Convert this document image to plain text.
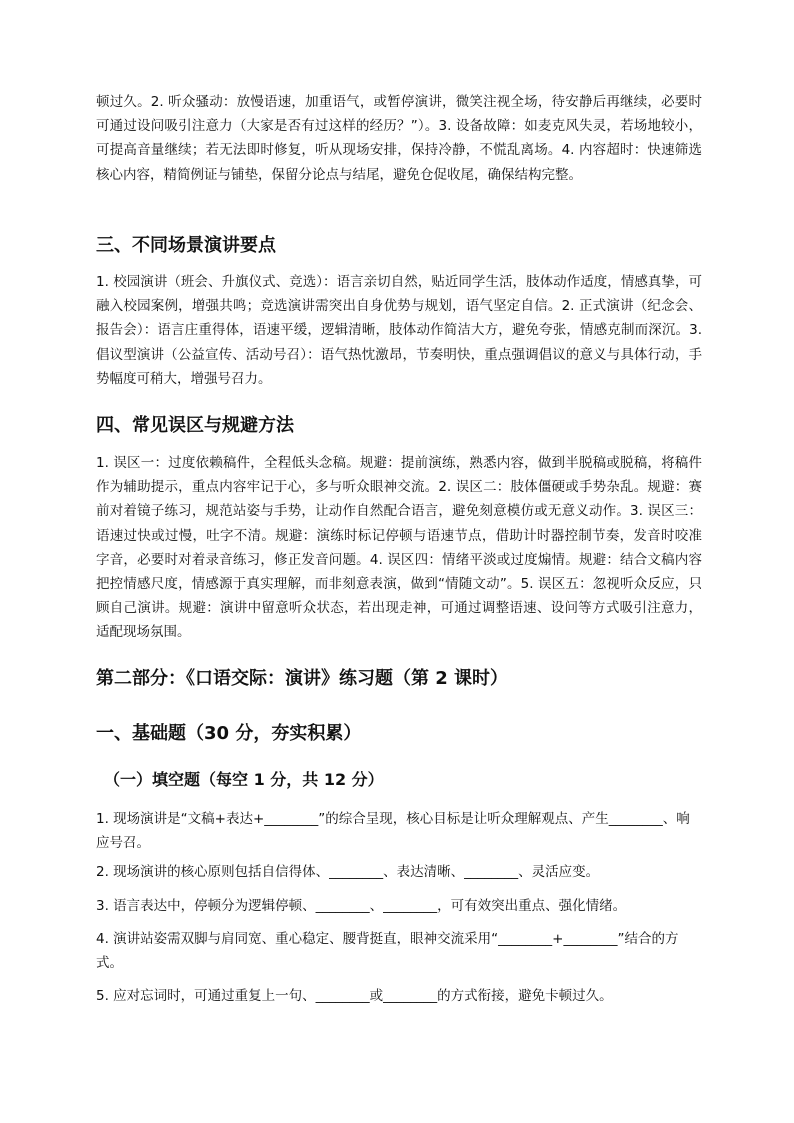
顿过久。2. 听众骚动：放慢语速，加重语气，或暂停演讲，微笑注视全场，待安静后再继续，必要时可通过设问吸引注意力（大家是否有过这样的经历？”）。3. 设备故障：如麦克风失灵，若场地较小，可提高音量继续；若无法即时修复，听从现场安排，保持冷静，不慌乱离场。4. 内容超时：快速筛选核心内容，精简例证与铺垫，保留分论点与结尾，避免仓促收尾，确保结构完整。

三、不同场景演讲要点

1. 校园演讲（班会、升旗仪式、竞选）：语言亲切自然，贴近同学生活，肢体动作适度，情感真挚，可融入校园案例，增强共鸣；竞选演讲需突出自身优势与规划，语气坚定自信。2. 正式演讲（纪念会、报告会）：语言庄重得体，语速平缓，逻辑清晰，肢体动作简洁大方，避免夸张，情感克制而深沉。3. 倡议型演讲（公益宣传、活动号召）：语气热忱激昂，节奏明快，重点强调倡议的意义与具体行动，手势幅度可稍大，增强号召力。

四、常见误区与规避方法

1. 误区一：过度依赖稿件，全程低头念稿。规避：提前演练，熟悉内容，做到半脱稿或脱稿，将稿件作为辅助提示，重点内容牢记于心，多与听众眼神交流。2. 误区二：肢体僵硬或手势杂乱。规避：赛前对着镜子练习，规范站姿与手势，让动作自然配合语言，避免刻意模仿或无意义动作。3. 误区三：语速过快或过慢，吐字不清。规避：演练时标记停顿与语速节点，借助计时器控制节奏，发音时咬准字音，必要时对着录音练习，修正发音问题。4. 误区四：情绪平淡或过度煽情。规避：结合文稿内容把控情感尺度，情感源于真实理解，而非刻意表演，做到“情随文动”。5. 误区五：忽视听众反应，只顾自己演讲。规避：演讲中留意听众状态，若出现走神，可通过调整语速、设问等方式吸引注意力，适配现场氛围。

第二部分：《口语交际：演讲》练习题（第 2 课时）
一、基础题（30 分，夯实积累）
（一）填空题（每空 1 分，共 12 分）

1. 现场演讲是“文稿+表达+________”的综合呈现，核心目标是让听众理解观点、产生________、响应号召。

2. 现场演讲的核心原则包括自信得体、________、表达清晰、________、灵活应变。

3. 语言表达中，停顿分为逻辑停顿、________、________，可有效突出重点、强化情绪。

4. 演讲站姿需双脚与肩同宽、重心稳定、腰背挺直，眼神交流采用“________+________”结合的方式。

5. 应对忘词时，可通过重复上一句、________或________的方式衔接，避免卡顿过久。
